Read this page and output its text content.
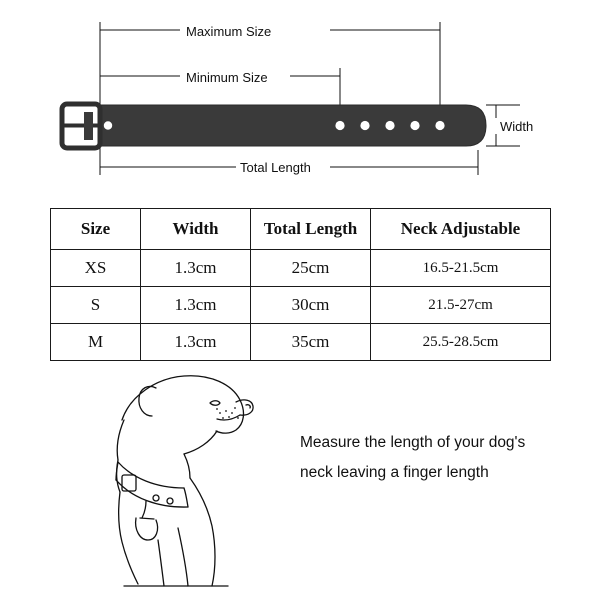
Maximum Size
Minimum Size
Total Length
Width
Size	Width	Total Length	Neck Adjustable
XS	1.3cm	25cm	16.5-21.5cm
S	1.3cm	30cm	21.5-27cm
M	1.3cm	35cm	25.5-28.5cm
Measure the length of your dog's neck leaving a finger length
